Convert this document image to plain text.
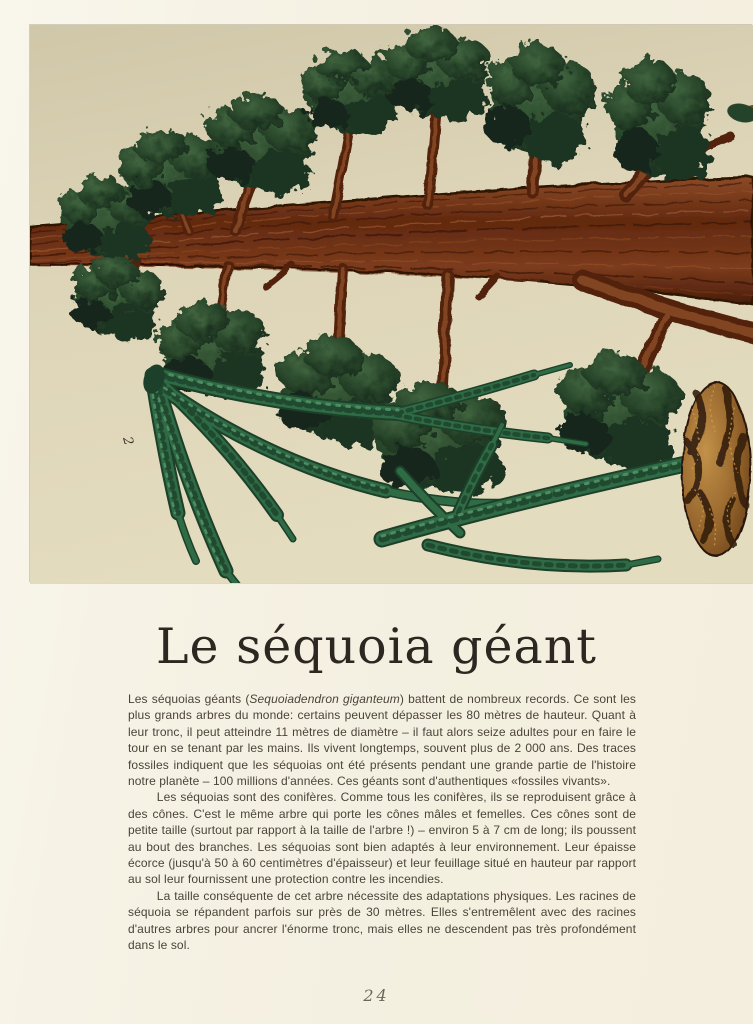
1
2
Le séquoia géant

Les séquoias géants (Sequoiadendron giganteum) battent de nombreux records. Ce sont les plus grands arbres du monde: certains peuvent dépasser les 80 mètres de hauteur. Quant à leur tronc, il peut atteindre 11 mètres de diamètre – il faut alors seize adultes pour en faire le tour en se tenant par les mains. Ils vivent longtemps, souvent plus de 2 000 ans. Des traces fossiles indiquent que les séquoias ont été présents pendant une grande partie de l'histoire notre planète – 100 millions d'années. Ces géants sont d'authentiques «fossiles vivants».

Les séquoias sont des conifères. Comme tous les conifères, ils se reproduisent grâce à des cônes. C'est le même arbre qui porte les cônes mâles et femelles. Ces cônes sont de petite taille (surtout par rapport à la taille de l'arbre !) – environ 5 à 7 cm de long; ils poussent au bout des branches. Les séquoias sont bien adaptés à leur environnement. Leur épaisse écorce (jusqu'à 50 à 60 centimètres d'épaisseur) et leur feuillage situé en hauteur par rapport au sol leur fournissent une protection contre les incendies.

La taille conséquente de cet arbre nécessite des adaptations physiques. Les racines de séquoia se répandent parfois sur près de 30 mètres. Elles s'entremêlent avec des racines d'autres arbres pour ancrer l'énorme tronc, mais elles ne descendent pas très profondément dans le sol.

24
